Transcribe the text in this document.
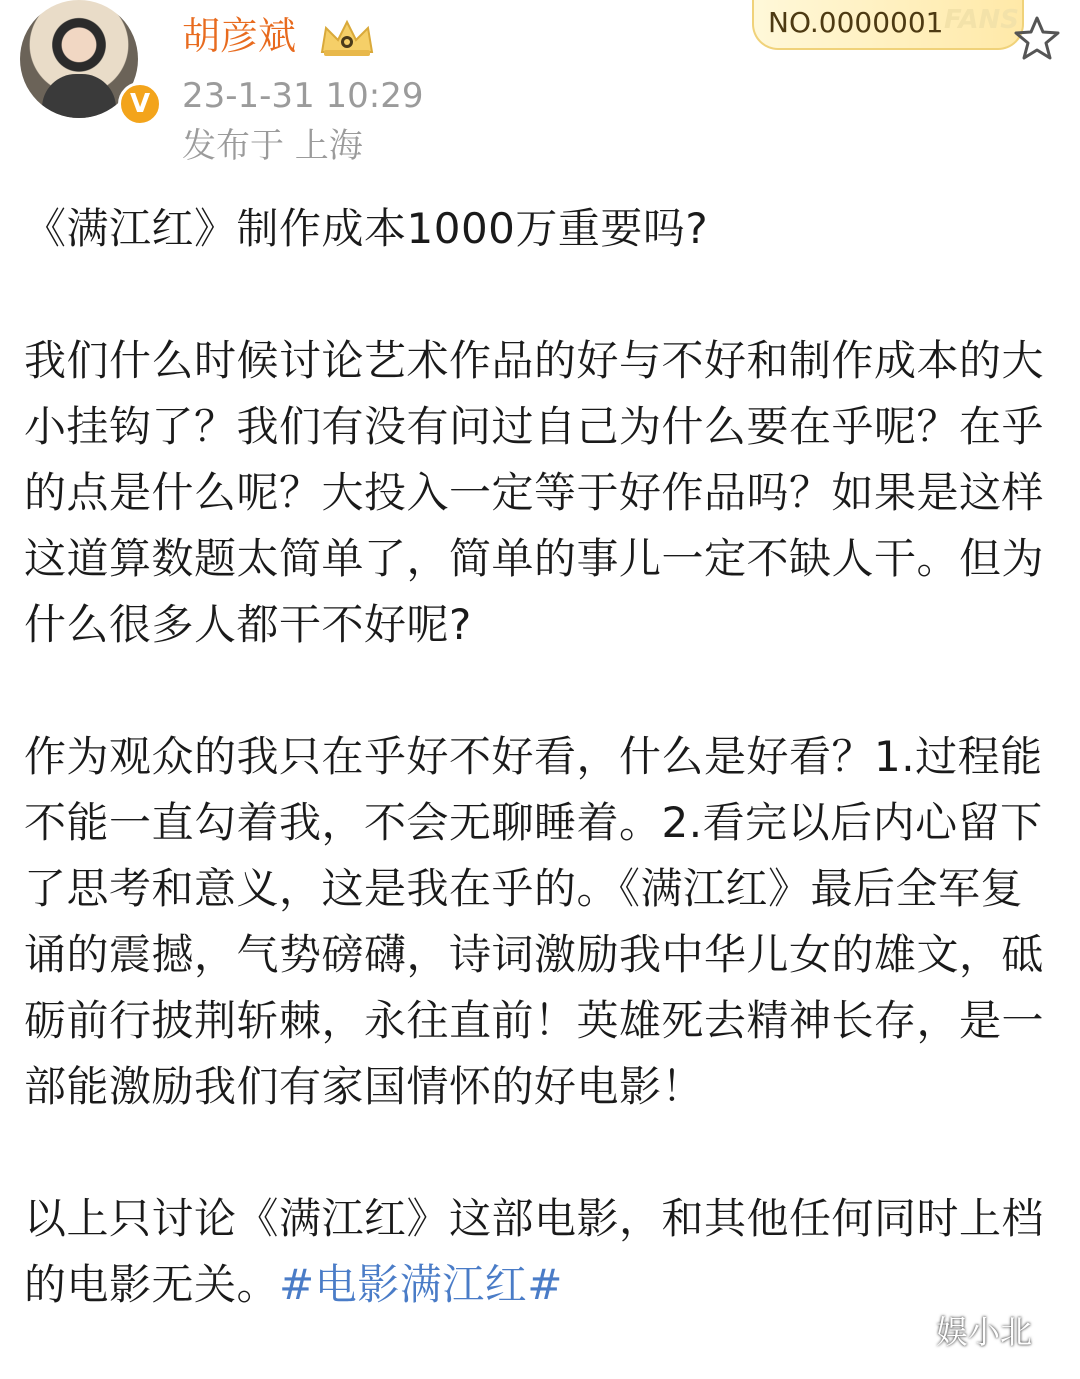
V
胡彦斌
23-1-31 10:29
发布于 上海
NO.0000001 FANS

《满江红》制作成本1000万重要吗?

我们什么时候讨论艺术作品的好与不好和制作成本的大小挂钩了？我们有没有问过自己为什么要在乎呢？在乎的点是什么呢？大投入一定等于好作品吗？如果是这样这道算数题太简单了，简单的事儿一定不缺人干。但为什么很多人都干不好呢?

作为观众的我只在乎好不好看，什么是好看？1.过程能不能一直勾着我，不会无聊睡着。2.看完以后内心留下了思考和意义，这是我在乎的。《满江红》最后全军复诵的震撼，气势磅礴，诗词激励我中华儿女的雄文，砥砺前行披荆斩棘，永往直前！英雄死去精神长存，是一部能激励我们有家国情怀的好电影！

以上只讨论《满江红》这部电影，和其他任何同时上档的电影无关。#电影满江红#

娱小北
